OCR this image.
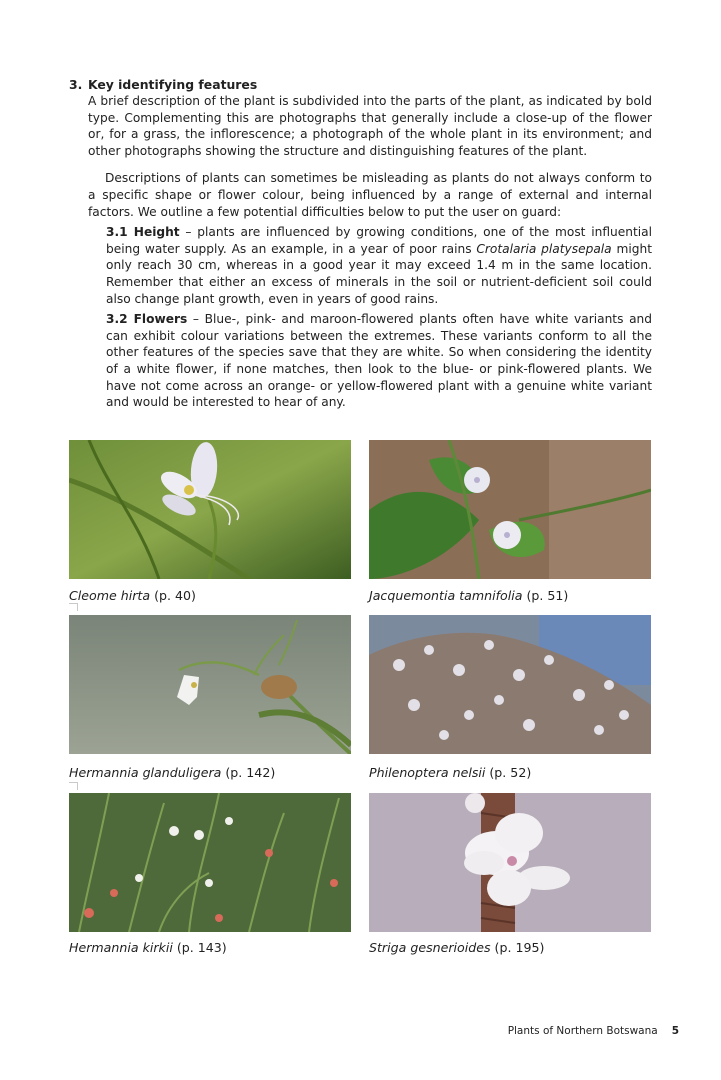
3. Key identifying features

A brief description of the plant is subdivided into the parts of the plant, as indicated by bold type. Complementing this are photographs that generally include a close-up of the flower or, for a grass, the inflorescence; a photograph of the whole plant in its environment; and other photographs showing the structure and distinguishing features of the plant.

Descriptions of plants can sometimes be misleading as plants do not always conform to a specific shape or flower colour, being influenced by a range of external and internal factors. We outline a few potential difficulties below to put the user on guard:

3.1 Height – plants are influenced by growing conditions, one of the most influential being water supply. As an example, in a year of poor rains Crotalaria platysepala might only reach 30 cm, whereas in a good year it may exceed 1.4 m in the same location. Remember that either an excess of minerals in the soil or nutrient-deficient soil could also change plant growth, even in years of good rains.

3.2 Flowers – Blue-, pink- and maroon-flowered plants often have white variants and can exhibit colour variations between the extremes. These variants conform to all the other features of the species save that they are white. So when considering the identity of a white flower, if none matches, then look to the blue- or pink-flowered plants. We have not come across an orange- or yellow-flowered plant with a genuine white variant and would be interested to hear of any.

Cleome hirta (p. 40)	Jacquemontia tamnifolia (p. 51)
Hermannia glanduligera (p. 142)	Philenoptera nelsii (p. 52)
Hermannia kirkii (p. 143)	Striga gesnerioides (p. 195)
Plants of Northern Botswana 5
